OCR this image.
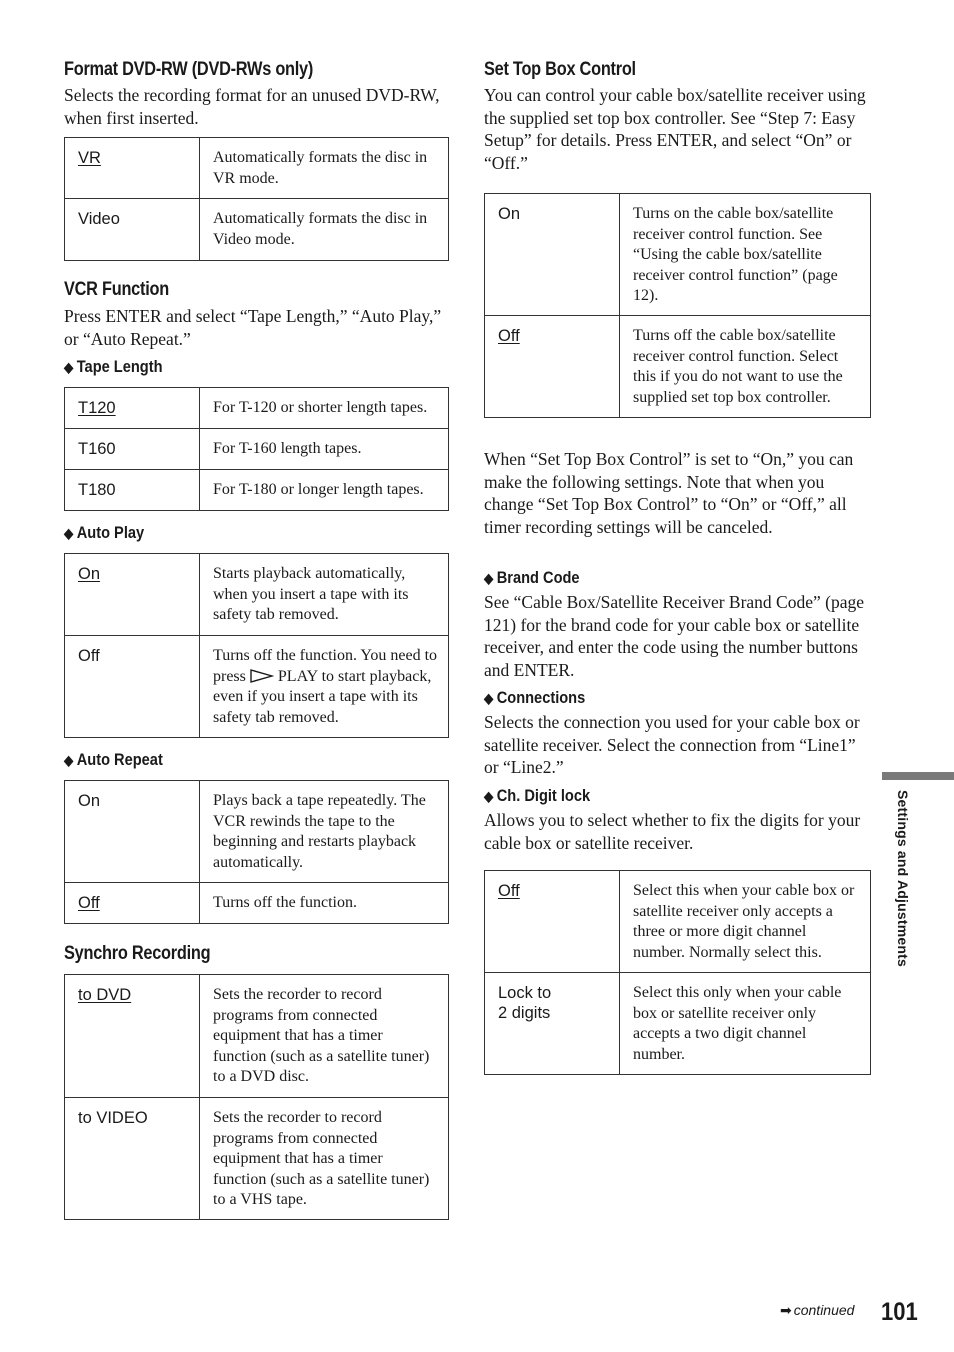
Format DVD-RW (DVD-RWs only)

Selects the recording format for an unused DVD-RW, when first inserted.

VR	Automatically formats the disc in VR mode.
Video	Automatically formats the disc in Video mode.
VCR Function

Press ENTER and select “Tape Length,” “Auto Play,” or “Auto Repeat.”

◆ Tape Length
T120	For T-120 or shorter length tapes.
T160	For T-160 length tapes.
T180	For T-180 or longer length tapes.
◆ Auto Play
On	Starts playback automatically, when you insert a tape with its safety tab removed.
Off	Turns off the function. You need to press  PLAY to start playback, even if you insert a tape with its safety tab removed.
◆ Auto Repeat
On	Plays back a tape repeatedly. The VCR rewinds the tape to the beginning and restarts playback automatically.
Off	Turns off the function.
Synchro Recording
to DVD	Sets the recorder to record programs from connected equipment that has a timer function (such as a satellite tuner) to a DVD disc.
to VIDEO	Sets the recorder to record programs from connected equipment that has a timer function (such as a satellite tuner) to a VHS tape.
Set Top Box Control

You can control your cable box/satellite receiver using the supplied set top box controller. See “Step 7: Easy Setup” for details. Press ENTER, and select “On” or “Off.”

On	Turns on the cable box/satellite receiver control function. See “Using the cable box/satellite receiver control function” (page 12).
Off	Turns off the cable box/satellite receiver control function. Select this if you do not want to use the supplied set top box controller.

When “Set Top Box Control” is set to “On,” you can make the following settings. Note that when you change “Set Top Box Control” to “On” or “Off,” all timer recording settings will be canceled.

◆ Brand Code

See “Cable Box/Satellite Receiver Brand Code” (page 121) for the brand code for your cable box or satellite receiver, and enter the code using the number buttons and ENTER.

◆ Connections

Selects the connection you used for your cable box or satellite receiver. Select the connection from “Line1” or “Line2.”

◆ Ch. Digit lock

Allows you to select whether to fix the digits for your cable box or satellite receiver.

Off	Select this when your cable box or satellite receiver only accepts a three or more digit channel number. Normally select this.
Lock to
2 digits	Select this only when your cable box or satellite receiver only accepts a two digit channel number.
Settings and Adjustments
➡ continued 101
